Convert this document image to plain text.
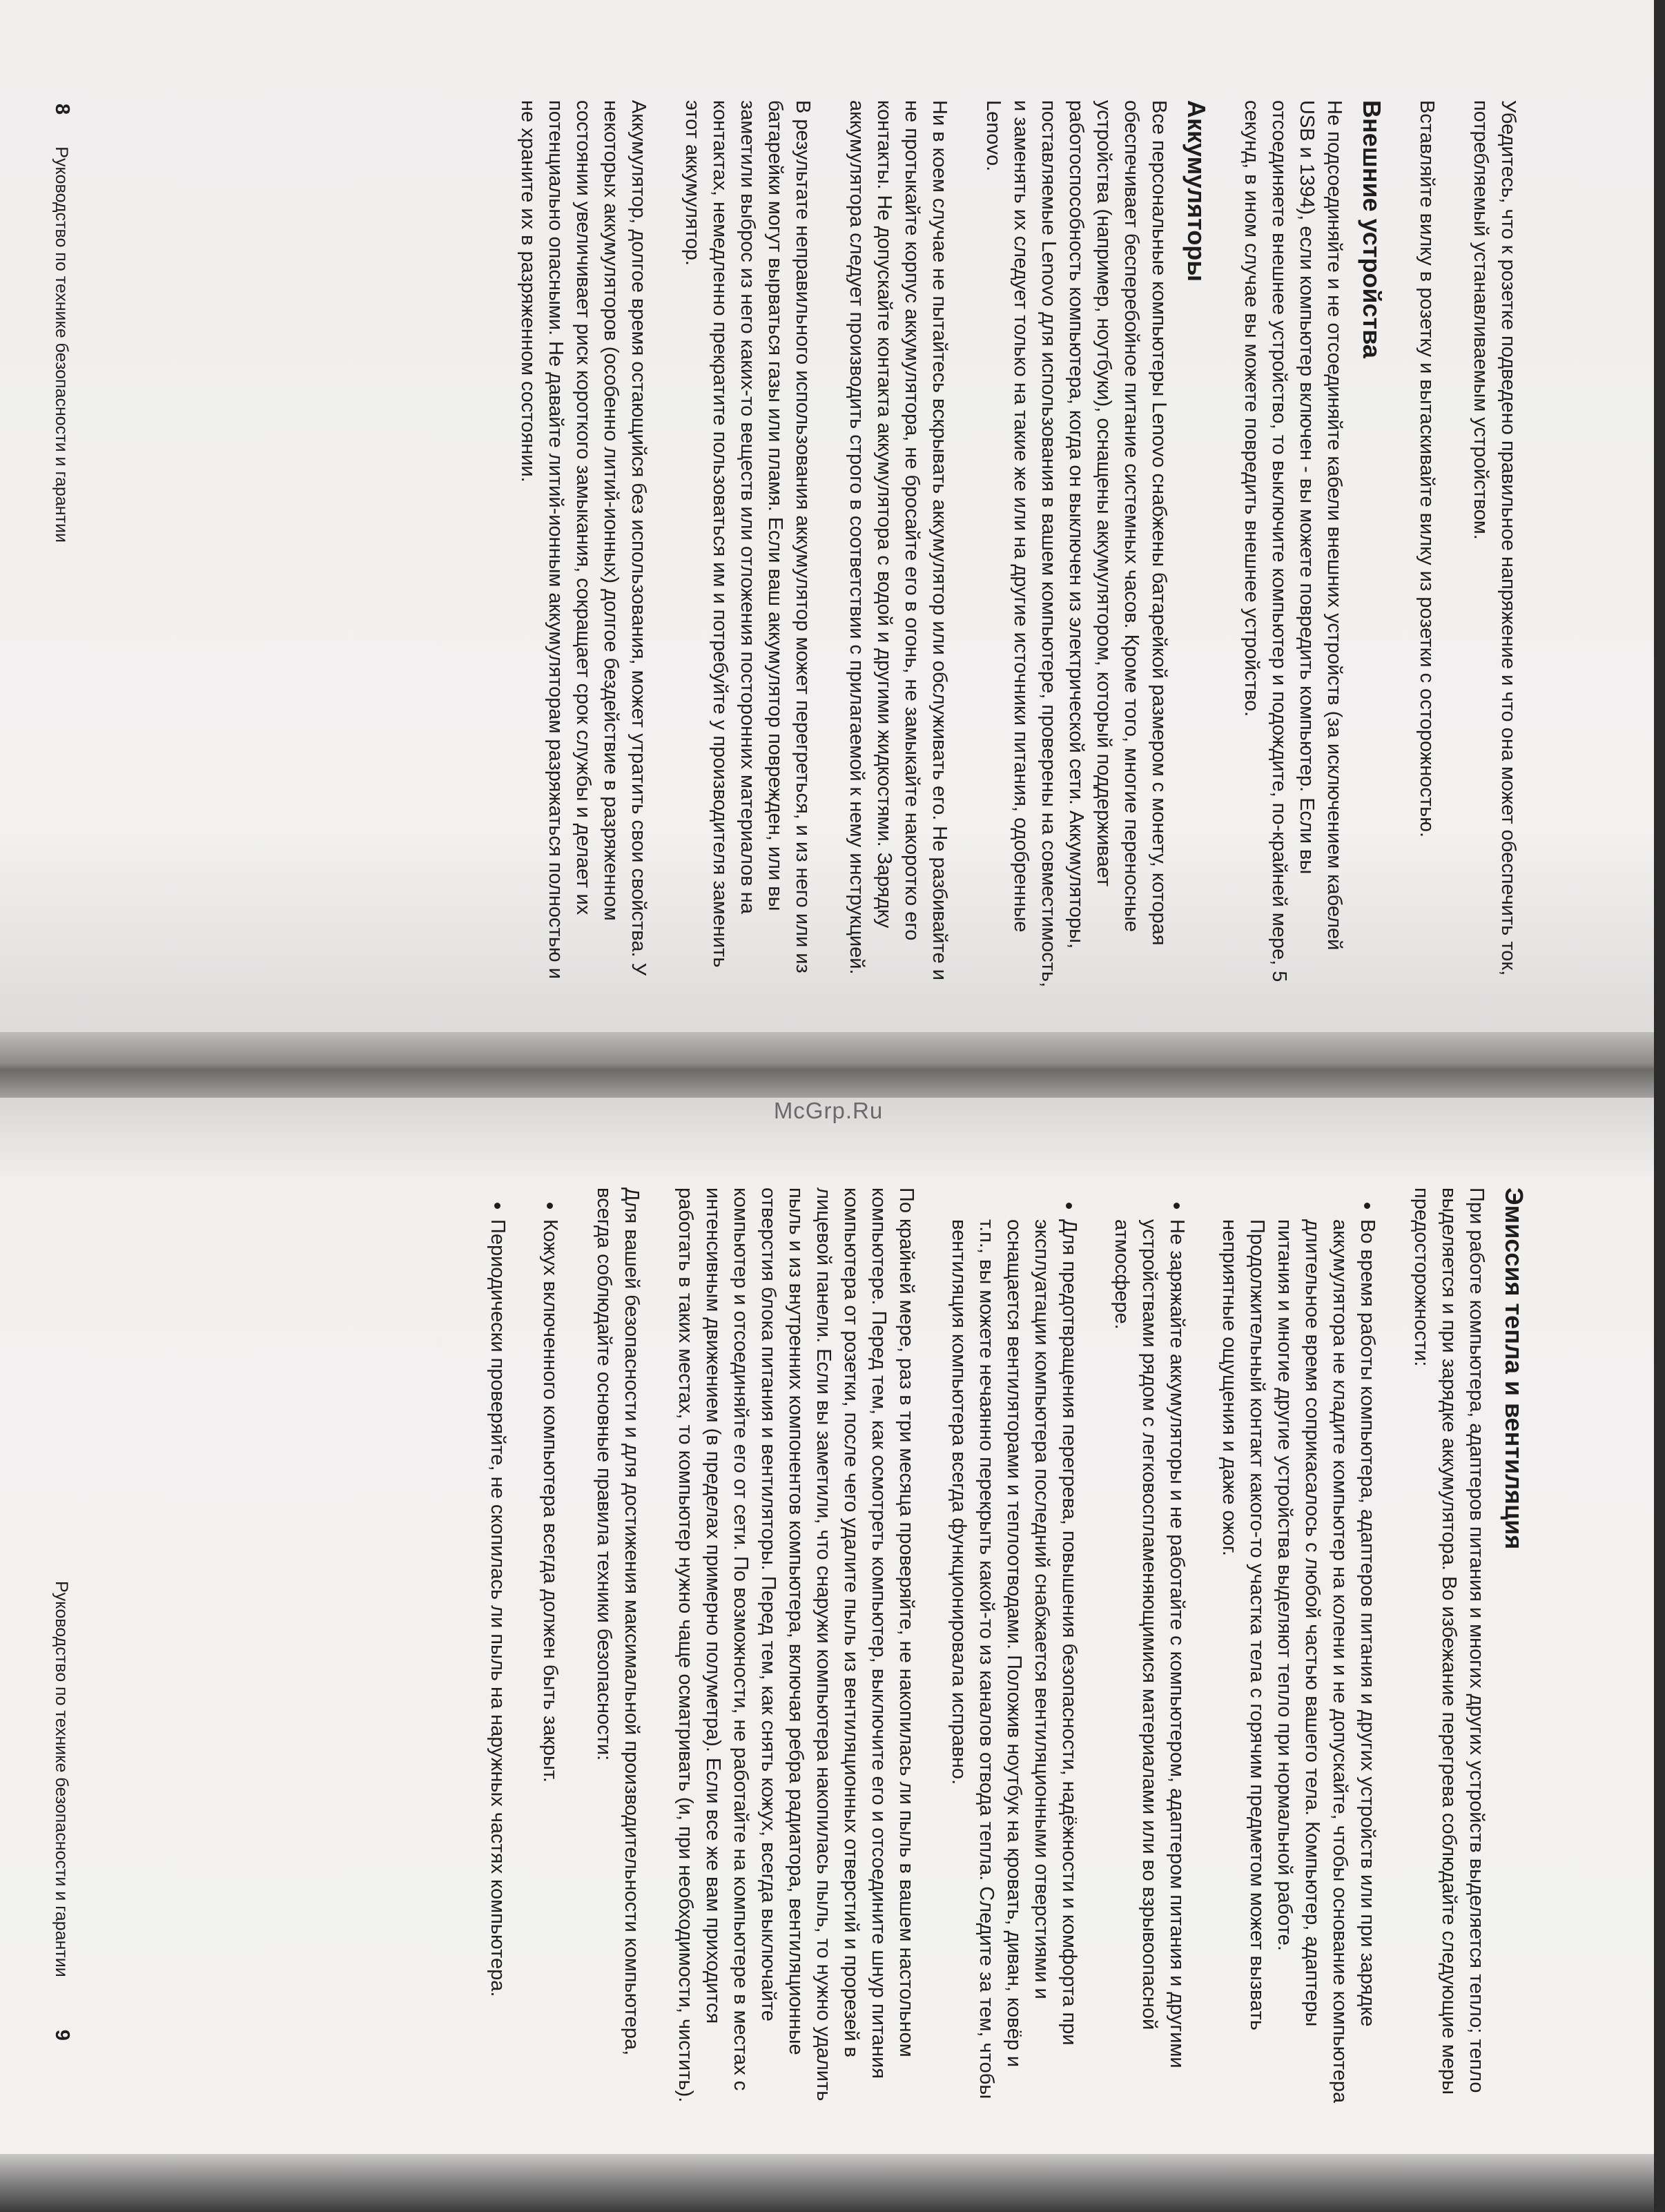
Убедитесь, что к розетке подведено правильное напряжение и что она может обеспечить ток, потребляемый устанавливаемым устройством.

Вставляйте вилку в розетку и вытаскивайте вилку из розетки с осторожностью.

Внешние устройства

Не подсоединяйте и не отсоединяйте кабели внешних устройств (за исключением кабелей USB и 1394), если компьютер включен - вы можете повредить компьютер. Если вы отсоединяете внешнее устройство, то выключите компьютер и подождите, по-крайней мере, 5 секунд, в ином случае вы можете повредить внешнее устройство.

Аккумуляторы

Все персональные компьютеры Lenovo снабжены батарейкой размером с монету, которая обеспечивает бесперебойное питание системных часов. Кроме того, многие переносные устройства (например, ноутбуки), оснащены аккумулятором, который поддерживает работоспособность компьютера, когда он выключен из электрической сети. Аккумуляторы, поставляемые Lenovo для использования в вашем компьютере, проверены на совместимость, и заменять их следует только на такие же или на другие источники питания, одобренные Lenovo.

Ни в коем случае не пытайтесь вскрывать аккумулятор или обслуживать его. Не разбивайте и не протыкайте корпус аккумулятора, не бросайте его в огонь, не замыкайте накоротко его контакты. Не допускайте контакта аккумулятора с водой и другими жидкостями. Зарядку аккумулятора следует производить строго в соответствии с прилагаемой к нему инструкцией.

В результате неправильного использования аккумулятор может перегреться, и из него или из батарейки могут вырваться газы или пламя. Если ваш аккумулятор поврежден, или вы заметили выброс из него каких-то веществ или отложения посторонних материалов на контактах, немедленно прекратите пользоваться им и потребуйте у производителя заменить этот аккумулятор.

Аккумулятор, долгое время остающийся без использования, может утратить свои свойства. У некоторых аккумуляторов (особенно литий-ионных) долгое бездействие в разряженном состоянии увеличивает риск короткого замыкания, сокращает срок службы и делает их потенциально опасными. Не давайте литий-ионным аккумуляторам разряжаться полностью и не храните их в разряженном состоянии.

8  Руководство по технике безопасности и гарантии
McGrp.Ru
Эмиссия тепла и вентиляция

При работе компьютера, адаптеров питания и многих других устройств выделяется тепло; тепло выделяется и при зарядке аккумулятора. Во избежание перегрева соблюдайте следующие меры предосторожности:

• Во время работы компьютера, адаптеров питания и других устройств или при зарядке аккумулятора не кладите компьютер на колени и не допускайте, чтобы основание компьютера длительное время соприкасалось с любой частью вашего тела. Компьютер, адаптеры питания и многие другие устройства выделяют тепло при нормальной работе. Продолжительный контакт какого-то участка тела с горячим предметом может вызвать неприятные ощущения и даже ожог.
• Не заряжайте аккумуляторы и не работайте с компьютером, адаптером питания и другими устройствами рядом с легковоспламеняющимися материалами или во взрывоопасной атмосфере.
• Для предотвращения перегрева, повышения безопасности, надёжности и комфорта при эксплуатации компьютера последний снабжается вентиляционными отверстиями и оснащается вентиляторами и теплоотводами. Положив ноутбук на кровать, диван, ковёр и т.п., вы можете нечаянно перекрыть какой-то из каналов отвода тепла. Следите за тем, чтобы вентиляция компьютера всегда функционировала исправно.

По крайней мере, раз в три месяца проверяйте, не накопилась ли пыль в вашем настольном компьютере. Перед тем, как осмотреть компьютер, выключите его и отсоедините шнур питания компьютера от розетки, после чего удалите пыль из вентиляционных отверстий и прорезей в лицевой панели. Если вы заметили, что снаружи компьютера накопилась пыль, то нужно удалить пыль и из внутренних компонентов компьютера, включая ребра радиатора, вентиляционные отверстия блока питания и вентиляторы. Перед тем, как снять кожух, всегда выключайте компьютер и отсоединяйте его от сети. По возможности, не работайте на компьютере в местах с интенсивным движением (в пределах примерно полуметра). Если все же вам приходится работать в таких местах, то компьютер нужно чаще осматривать (и, при необходимости, чистить).

Для вашей безопасности и для достижения максимальной производительности компьютера, всегда соблюдайте основные правила техники безопасности:

• Кожух включенного компьютера всегда должен быть закрыт.
• Периодически проверяйте, не скопилась ли пыль на наружных частях компьютера.
Руководство по технике безопасности и гарантии  9
